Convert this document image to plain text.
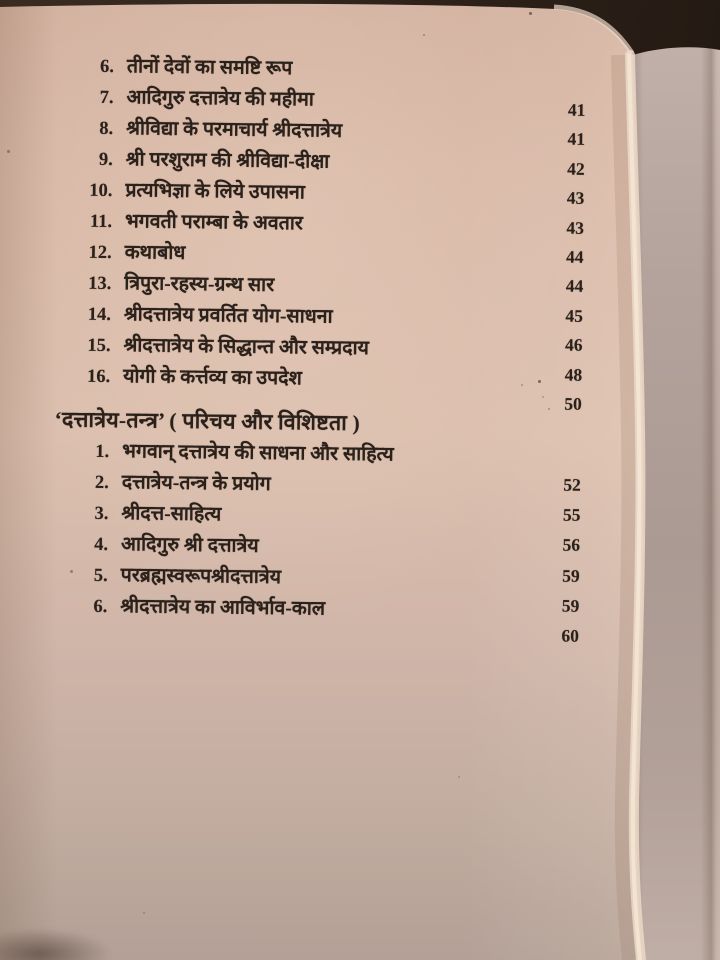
6. तीनों देवों का समष्टि रूप
7. आदिगुरु दत्तात्रेय की महीमा
8. श्रीविद्या के परमाचार्य श्रीदत्तात्रेय
9. श्री परशुराम की श्रीविद्या-दीक्षा
10. प्रत्यभिज्ञा के लिये उपासना
11. भगवती पराम्बा के अवतार
12. कथाबोध
13. त्रिपुरा-रहस्य-ग्रन्थ सार
14. श्रीदत्तात्रेय प्रवर्तित योग-साधना
15. श्रीदत्तात्रेय के सिद्धान्त और सम्प्रदाय
16. योगी के कर्त्तव्य का उपदेश
41
41
42
43
43
44
44
45
46
48
50
‘दत्तात्रेय-तन्त्र’ ( परिचय और विशिष्टता )
1. भगवान् दत्तात्रेय की साधना और साहित्य
2. दत्तात्रेय-तन्त्र के प्रयोग
3. श्रीदत्त-साहित्य
4. आदिगुरु श्री दत्तात्रेय
5. परब्रह्मस्वरूपश्रीदत्तात्रेय
6. श्रीदत्तात्रेय का आविर्भाव-काल
52
55
56
59
59
60
